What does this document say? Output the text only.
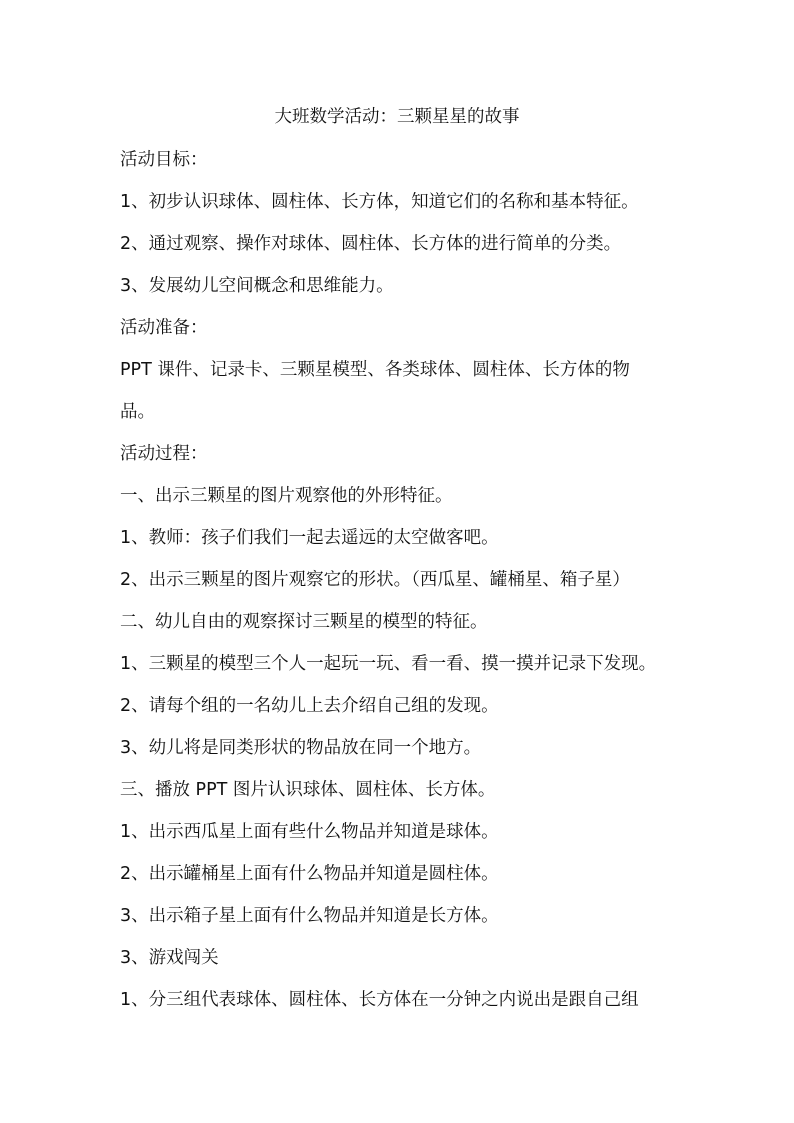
大班数学活动：三颗星星的故事
活动目标：
1、初步认识球体、圆柱体、长方体，知道它们的名称和基本特征。
2、通过观察、操作对球体、圆柱体、长方体的进行简单的分类。
3、发展幼儿空间概念和思维能力。
活动准备：
PPT 课件、记录卡、三颗星模型、各类球体、圆柱体、长方体的物
品。
活动过程：
一、出示三颗星的图片观察他的外形特征。
1、教师：孩子们我们一起去遥远的太空做客吧。
2、出示三颗星的图片观察它的形状。（西瓜星、罐桶星、箱子星）
二、幼儿自由的观察探讨三颗星的模型的特征。
1、三颗星的模型三个人一起玩一玩、看一看、摸一摸并记录下发现。
2、请每个组的一名幼儿上去介绍自己组的发现。
3、幼儿将是同类形状的物品放在同一个地方。
三、播放 PPT 图片认识球体、圆柱体、长方体。
1、出示西瓜星上面有些什么物品并知道是球体。
2、出示罐桶星上面有什么物品并知道是圆柱体。
3、出示箱子星上面有什么物品并知道是长方体。
3、游戏闯关
1、分三组代表球体、圆柱体、长方体在一分钟之内说出是跟自己组
